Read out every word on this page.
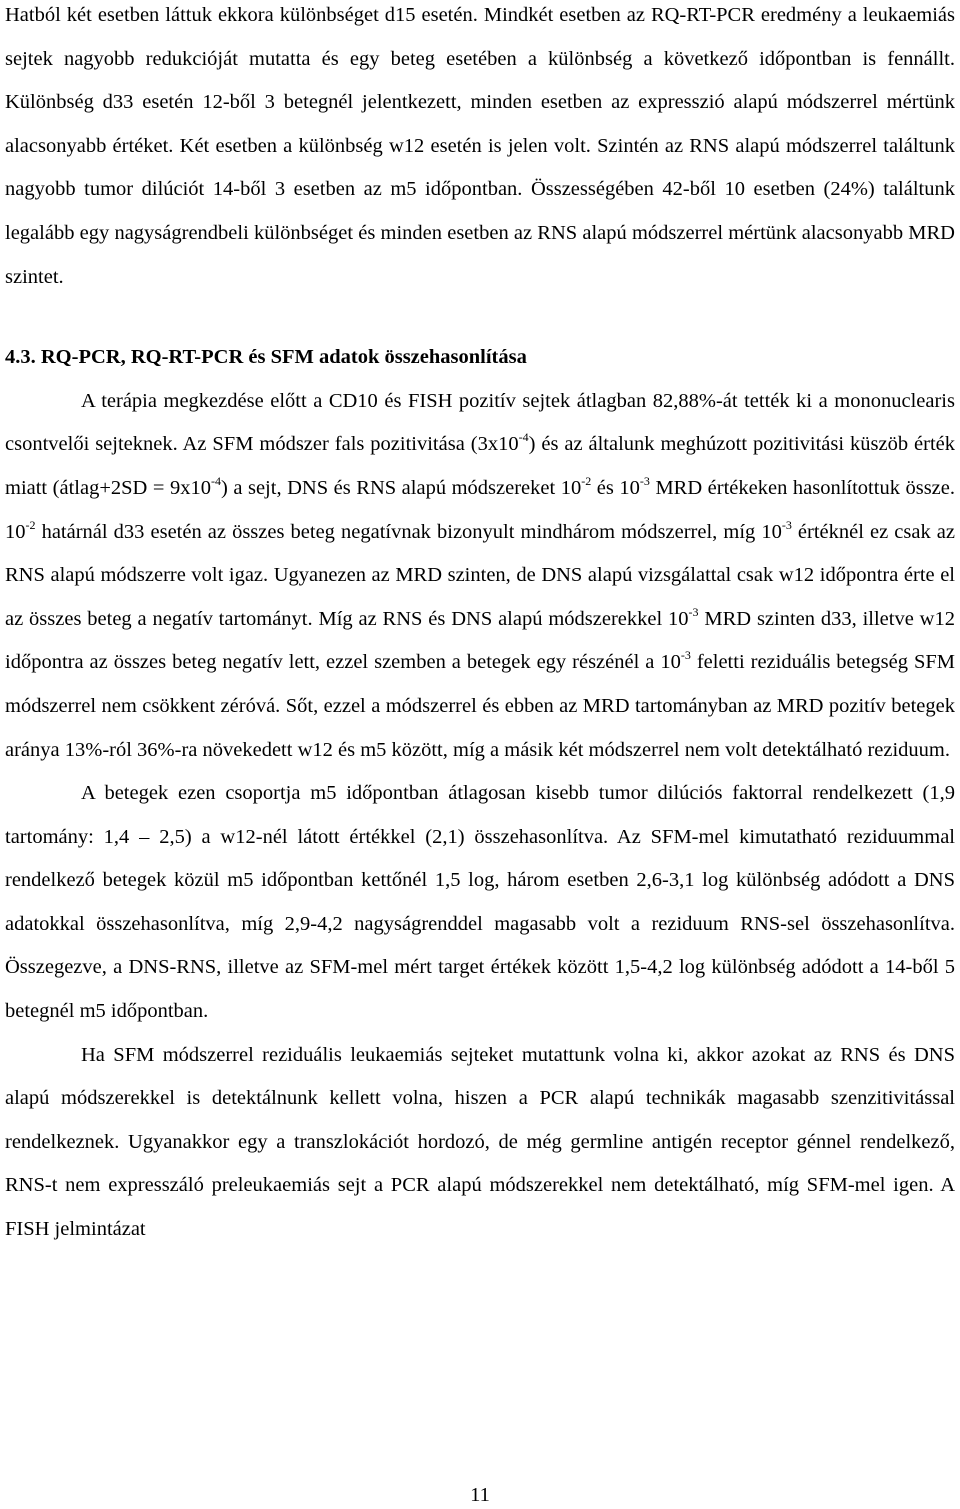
Hatból két esetben láttuk ekkora különbséget d15 esetén. Mindkét esetben az RQ-RT-PCR eredmény a leukaemiás sejtek nagyobb redukcióját mutatta és egy beteg esetében a különbség a következő időpontban is fennállt. Különbség d33 esetén 12-ből 3 betegnél jelentkezett, minden esetben az expresszió alapú módszerrel mértünk alacsonyabb értéket. Két esetben a különbség w12 esetén is jelen volt. Szintén az RNS alapú módszerrel találtunk nagyobb tumor dilúciót 14-ből 3 esetben az m5 időpontban. Összességében 42-ből 10 esetben (24%) találtunk legalább egy nagyságrendbeli különbséget és minden esetben az RNS alapú módszerrel mértünk alacsonyabb MRD szintet.

4.3. RQ-PCR, RQ-RT-PCR és SFM adatok összehasonlítása

A terápia megkezdése előtt a CD10 és FISH pozitív sejtek átlagban 82,88%-át tették ki a mononuclearis csontvelői sejteknek. Az SFM módszer fals pozitivitása $(3x10^{-4})$ és az általunk meghúzott pozitivitási küszöb érték miatt (átlag+2SD = $9x10^{-4}$) a sejt, DNS és RNS alapú módszereket $10^{-2}$ és $10^{-3}$ MRD értékeken hasonlítottuk össze. $10^{-2}$ határnál d33 esetén az összes beteg negatívnak bizonyult mindhárom módszerrel, míg $10^{-3}$ értéknél ez csak az RNS alapú módszerre volt igaz. Ugyanezen az MRD szinten, de DNS alapú vizsgálattal csak w12 időpontra érte el az összes beteg a negatív tartományt. Míg az RNS és DNS alapú módszerekkel $10^{-3}$ MRD szinten d33, illetve w12 időpontra az összes beteg negatív lett, ezzel szemben a betegek egy részénél a $10^{-3}$ feletti reziduális betegség SFM módszerrel nem csökkent zéróvá. Sőt, ezzel a módszerrel és ebben az MRD tartományban az MRD pozitív betegek aránya 13%-ról 36%-ra növekedett w12 és m5 között, míg a másik két módszerrel nem volt detektálható reziduum.

A betegek ezen csoportja m5 időpontban átlagosan kisebb tumor dilúciós faktorral rendelkezett (1,9 tartomány: 1,4 – 2,5) a w12-nél látott értékkel (2,1) összehasonlítva. Az SFM-mel kimutatható reziduummal rendelkező betegek közül m5 időpontban kettőnél 1,5 log, három esetben 2,6-3,1 log különbség adódott a DNS adatokkal összehasonlítva, míg 2,9-4,2 nagyságrenddel magasabb volt a reziduum RNS-sel összehasonlítva. Összegezve, a DNS-RNS, illetve az SFM-mel mért target értékek között 1,5-4,2 log különbség adódott a 14-ből 5 betegnél m5 időpontban.

Ha SFM módszerrel reziduális leukaemiás sejteket mutattunk volna ki, akkor azokat az RNS és DNS alapú módszerekkel is detektálnunk kellett volna, hiszen a PCR alapú technikák magasabb szenzitivitással rendelkeznek. Ugyanakkor egy a transzlokációt hordozó, de még germline antigén receptor génnel rendelkező, RNS-t nem expresszáló preleukaemiás sejt a PCR alapú módszerekkel nem detektálható, míg SFM-mel igen. A FISH jelmintázat

11
